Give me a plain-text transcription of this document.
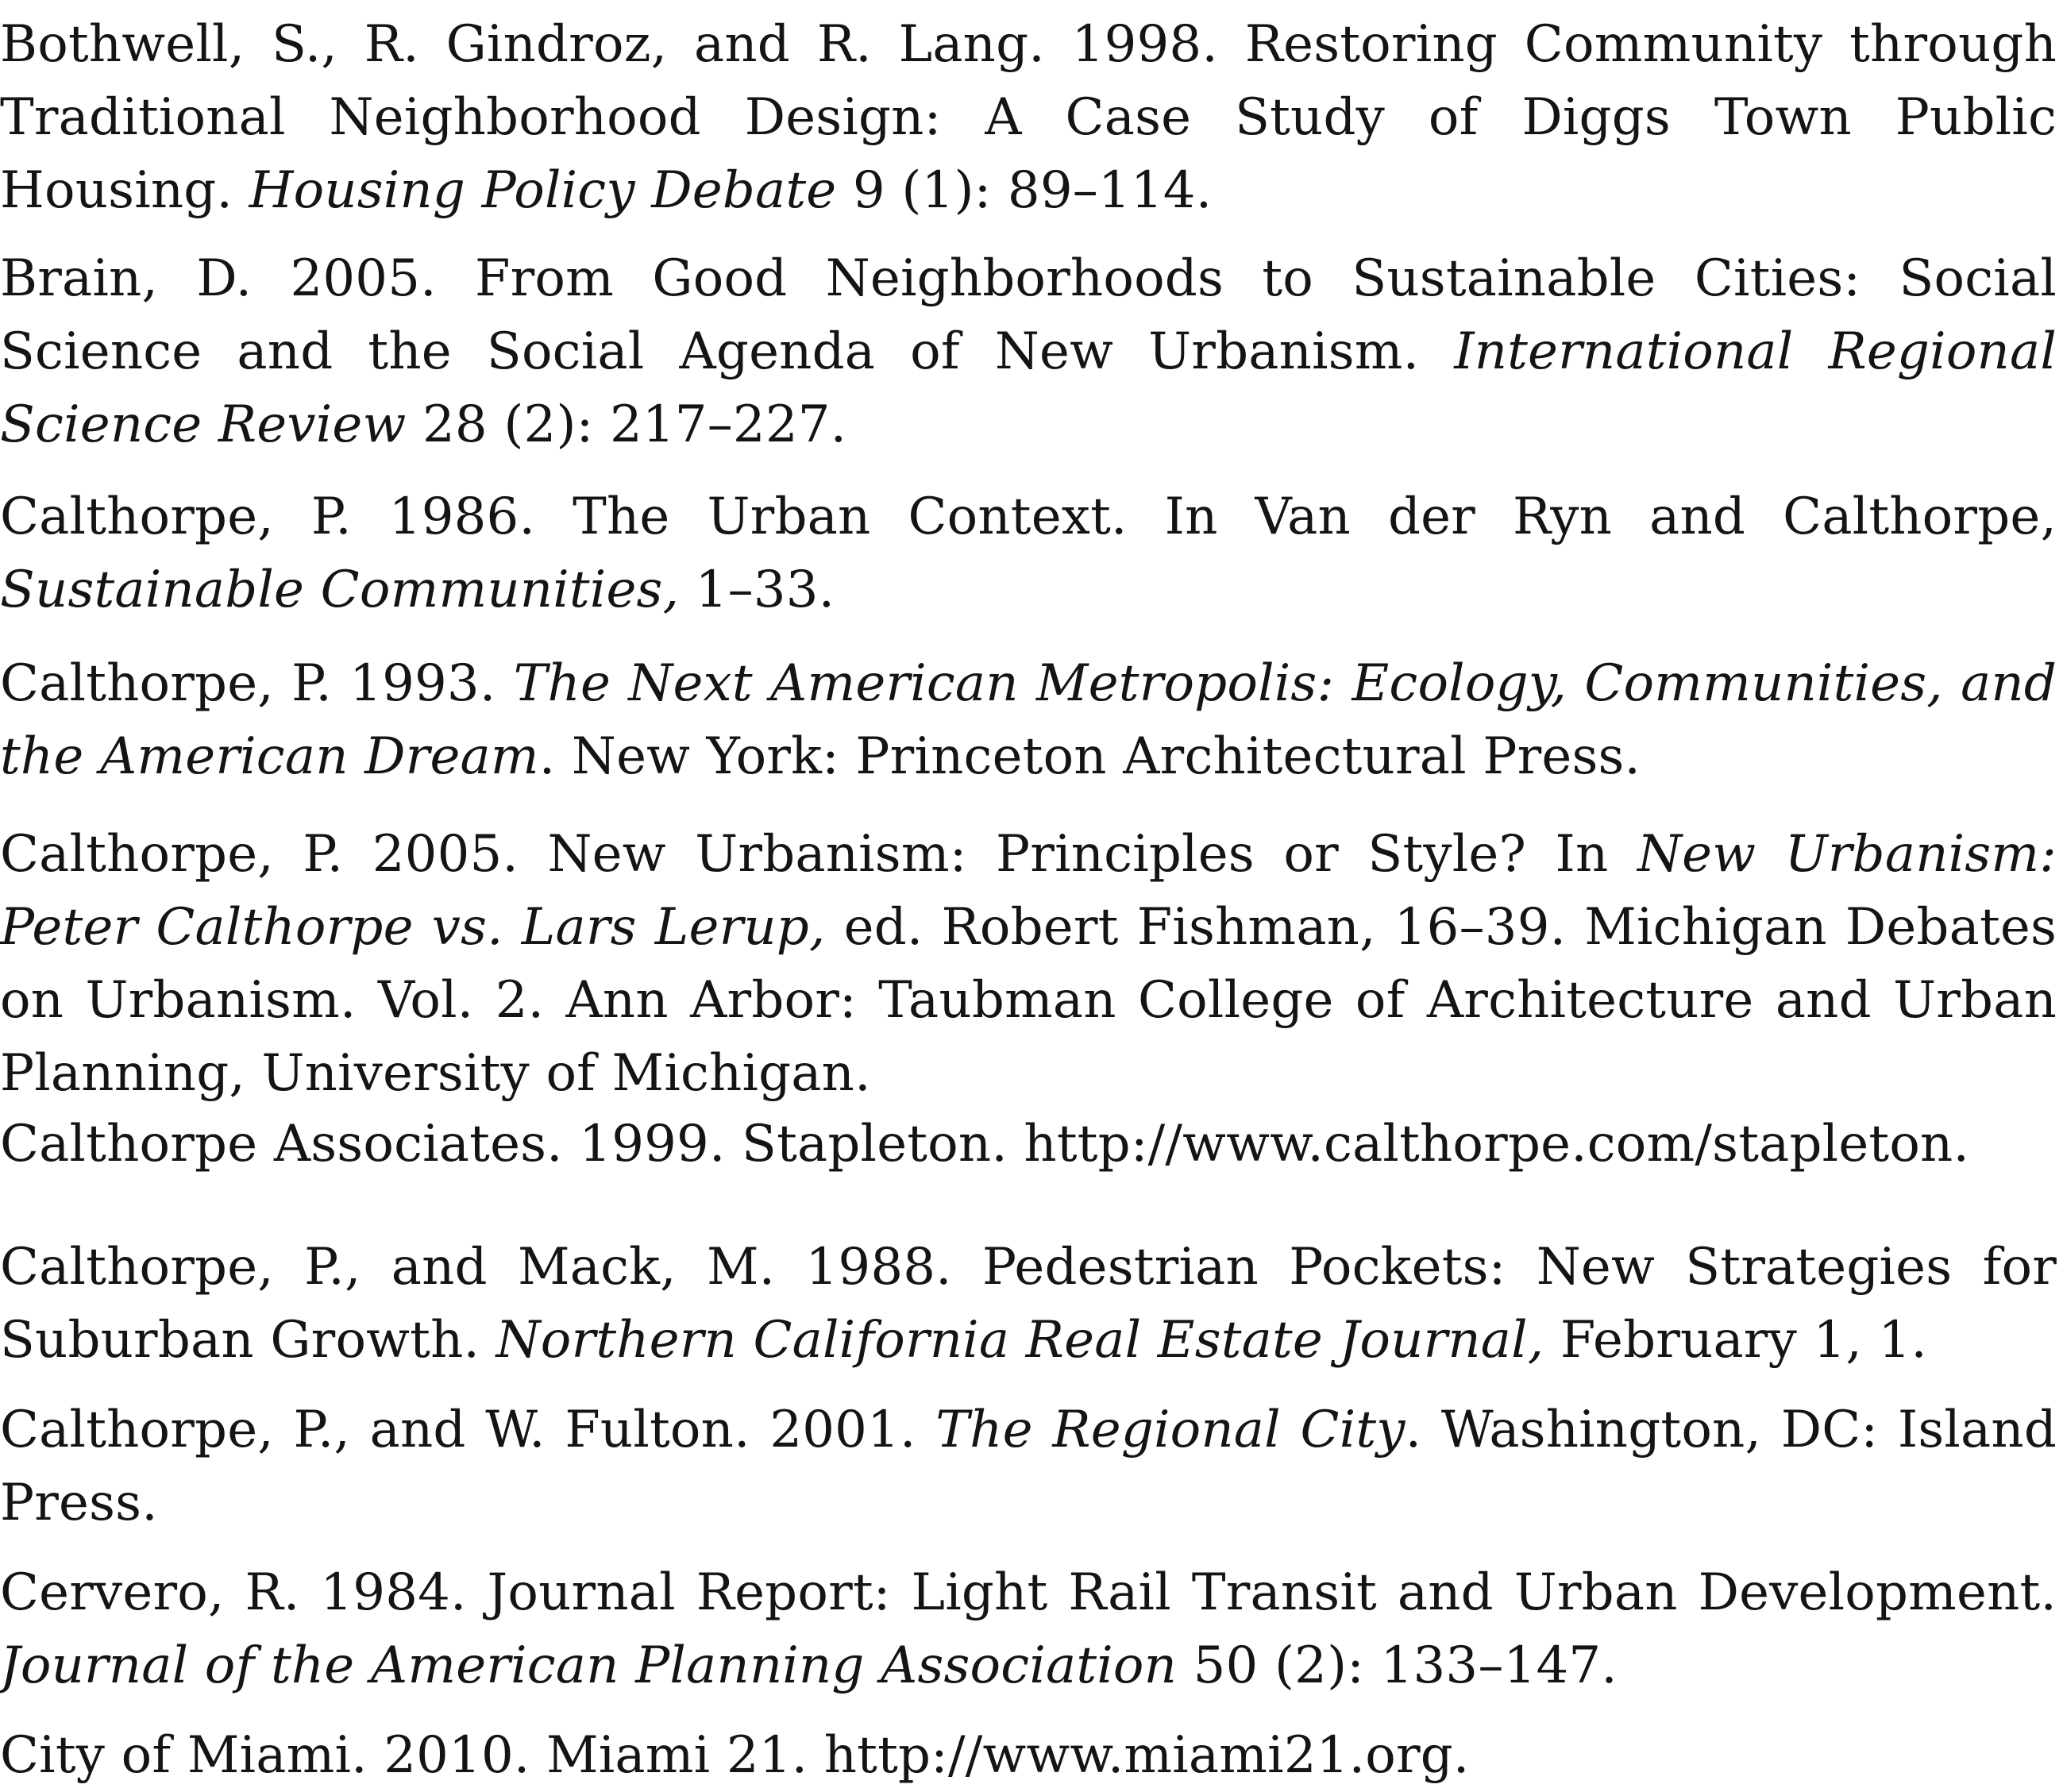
Bothwell, S., R. Gindroz, and R. Lang. 1998. Restoring Community through Traditional Neighborhood Design: A Case Study of Diggs Town Public Housing. Housing Policy Debate 9 (1): 89–114.

Brain, D. 2005. From Good Neighborhoods to Sustainable Cities: Social Science and the Social Agenda of New Urbanism. International Regional Science Review 28 (2): 217–227.

Calthorpe, P. 1986. The Urban Context. In Van der Ryn and Calthorpe, Sustainable Communities, 1–33.

Calthorpe, P. 1993. The Next American Metropolis: Ecology, Communities, and the American Dream. New York: Princeton Architectural Press.

Calthorpe, P. 2005. New Urbanism: Principles or Style? In New Urbanism: Peter Calthorpe vs. Lars Lerup, ed. Robert Fishman, 16–39. Michigan Debates on Urbanism. Vol. 2. Ann Arbor: Taubman College of Architecture and Urban Planning, University of Michigan.

Calthorpe Associates. 1999. Stapleton. http://www.calthorpe.com/stapleton.

Calthorpe, P., and Mack, M. 1988. Pedestrian Pockets: New Strategies for Suburban Growth. Northern California Real Estate Journal, February 1, 1.

Calthorpe, P., and W. Fulton. 2001. The Regional City. Washington, DC: Island Press.

Cervero, R. 1984. Journal Report: Light Rail Transit and Urban Development. Journal of the American Planning Association 50 (2): 133–147.

City of Miami. 2010. Miami 21. http://www.miami21.org.
